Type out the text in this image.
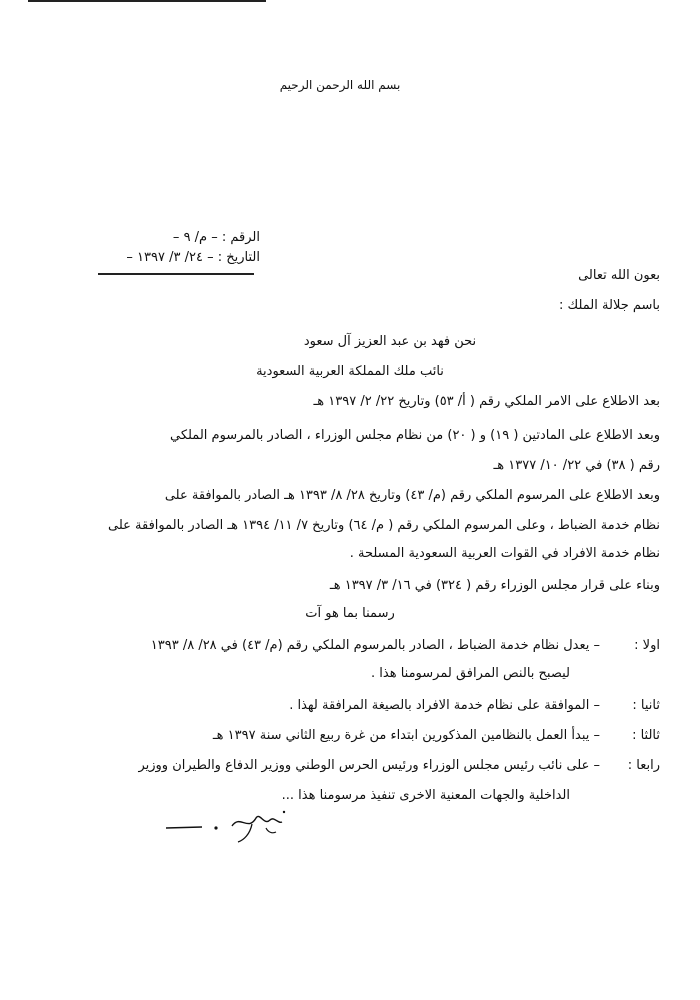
بسم الله الرحمن الرحيم
الرقم : – م/ ٩ –
التاريخ : – ٢٤/ ٣/ ١٣٩٧ –
بعون الله تعالى
باسم جلالة الملك :
نحن فهد بن عبد العزيز آل سعود
نائب ملك المملكة العربية السعودية
بعد الاطلاع على الامر الملكي رقم ( أ/ ٥٣) وتاريخ ٢٢/ ٢/ ١٣٩٧ هـ
وبعد الاطلاع على المادتين ( ١٩) و ( ٢٠) من نظام مجلس الوزراء ، الصادر بالمرسوم الملكي
رقم ( ٣٨) في ٢٢/ ١٠/ ١٣٧٧ هـ
وبعد الاطلاع على المرسوم الملكي رقم (م/ ٤٣) وتاريخ ٢٨/ ٨/ ١٣٩٣ هـ الصادر بالموافقة على
نظام خدمة الضباط ، وعلى المرسوم الملكي رقم ( م/ ٦٤) وتاريخ ٧/ ١١/ ١٣٩٤ هـ الصادر بالموافقة على
نظام خدمة الافراد في القوات العربية السعودية المسلحة .
وبناء على قرار مجلس الوزراء رقم ( ٣٢٤) في ١٦/ ٣/ ١٣٩٧ هـ
رسمنا بما هو آت
اولا :
– يعدل نظام خدمة الضباط ، الصادر بالمرسوم الملكي رقم (م/ ٤٣) في ٢٨/ ٨/ ١٣٩٣
ليصبح بالنص المرافق لمرسومنا هذا .
ثانيا :
– الموافقة على نظام خدمة الافراد بالصيغة المرافقة لهذا .
ثالثا :
– يبدأ العمل بالنظامين المذكورين ابتداء من غرة ربيع الثاني سنة ١٣٩٧ هـ
رابعا :
– على نائب رئيس مجلس الوزراء ورئيس الحرس الوطني ووزير الدفاع والطيران ووزير
الداخلية والجهات المعنية الاخرى تنفيذ مرسومنا هذا ...
